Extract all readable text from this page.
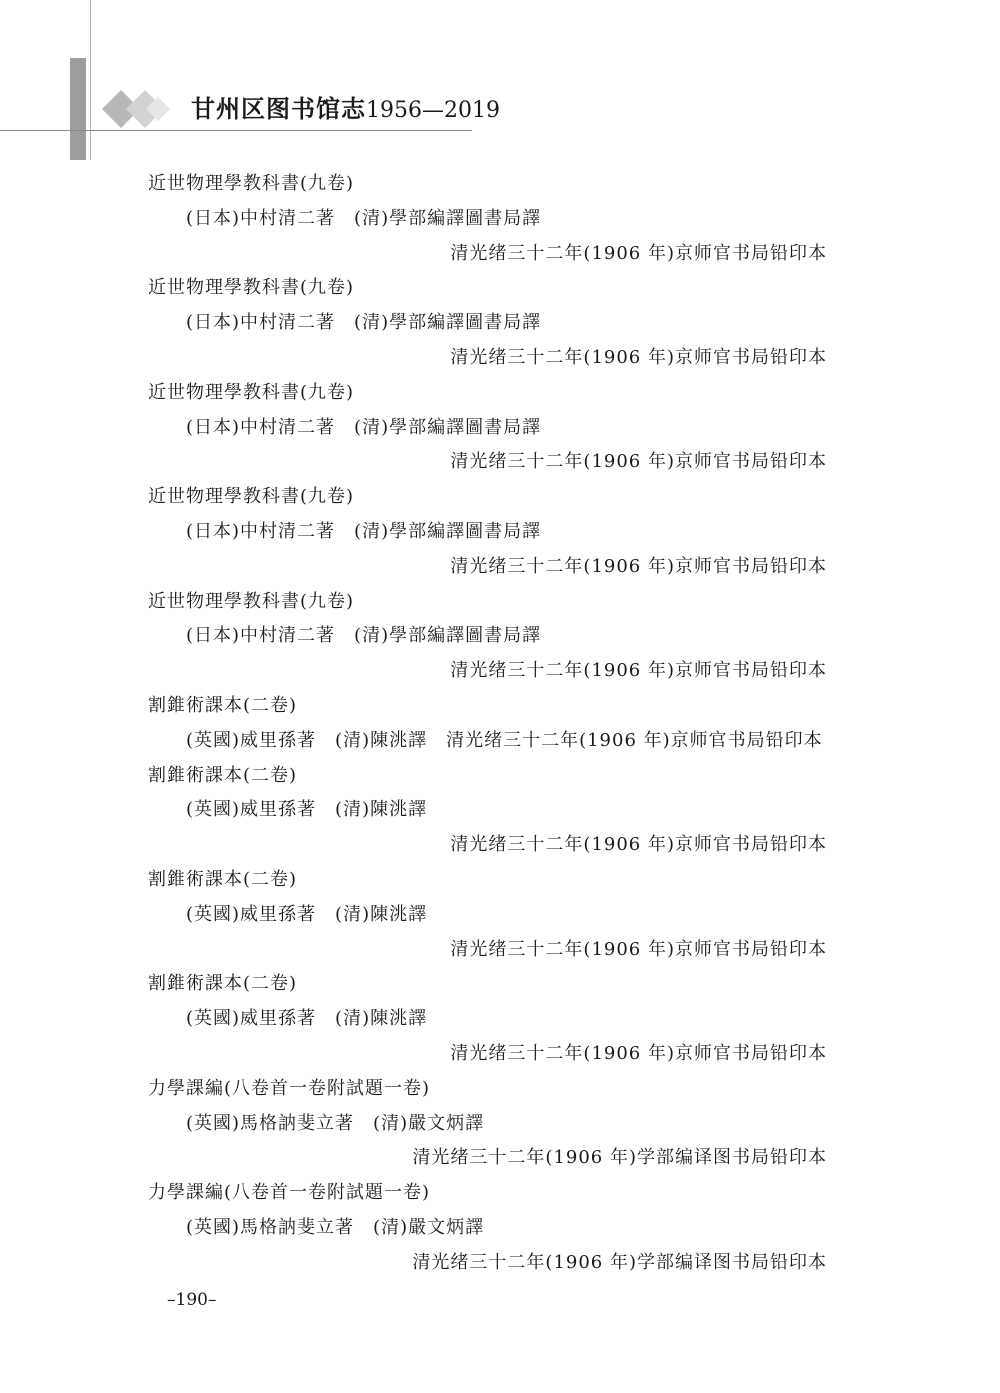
甘州区图书馆志1956—2019
近世物理學教科書(九卷)
(日本)中村清二著　(清)學部編譯圖書局譯
清光绪三十二年(1906 年)京师官书局铅印本
近世物理學教科書(九卷)
(日本)中村清二著　(清)學部編譯圖書局譯
清光绪三十二年(1906 年)京师官书局铅印本
近世物理學教科書(九卷)
(日本)中村清二著　(清)學部編譯圖書局譯
清光绪三十二年(1906 年)京师官书局铅印本
近世物理學教科書(九卷)
(日本)中村清二著　(清)學部編譯圖書局譯
清光绪三十二年(1906 年)京师官书局铅印本
近世物理學教科書(九卷)
(日本)中村清二著　(清)學部編譯圖書局譯
清光绪三十二年(1906 年)京师官书局铅印本
割錐術課本(二卷)
(英國)威里孫著　(清)陳洮譯　清光绪三十二年(1906 年)京师官书局铅印本
割錐術課本(二卷)
(英國)威里孫著　(清)陳洮譯
清光绪三十二年(1906 年)京师官书局铅印本
割錐術課本(二卷)
(英國)威里孫著　(清)陳洮譯
清光绪三十二年(1906 年)京师官书局铅印本
割錐術課本(二卷)
(英國)威里孫著　(清)陳洮譯
清光绪三十二年(1906 年)京师官书局铅印本
力學課編(八卷首一卷附試題一卷)
(英國)馬格訥斐立著　(清)嚴文炳譯
清光绪三十二年(1906 年)学部编译图书局铅印本
力學課編(八卷首一卷附試題一卷)
(英國)馬格訥斐立著　(清)嚴文炳譯
清光绪三十二年(1906 年)学部编译图书局铅印本
–190–
